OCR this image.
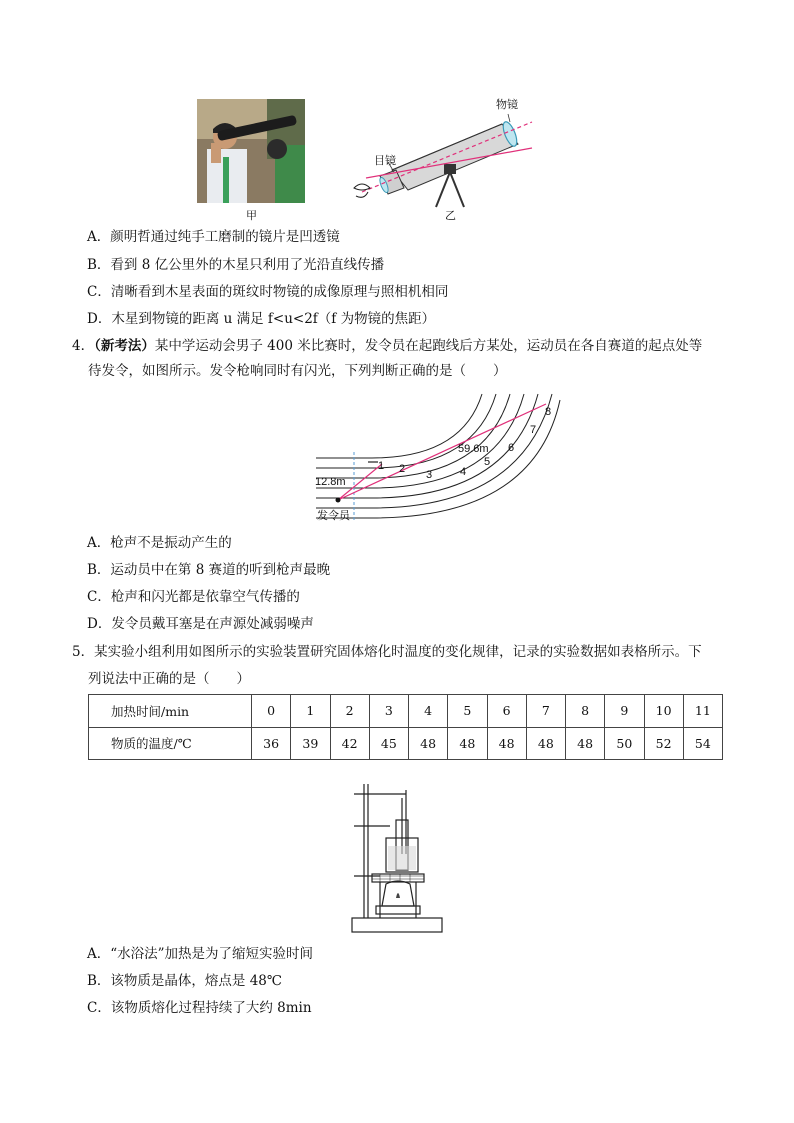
甲
物镜
目镜
乙
A．颜明哲通过纯手工磨制的镜片是凹透镜
B．看到 8 亿公里外的木星只利用了光沿直线传播
C．清晰看到木星表面的斑纹时物镜的成像原理与照相机相同
D．木星到物镜的距离 u 满足 f<u<2f（f 为物镜的焦距）
4．（新考法）某中学运动会男子 400 米比赛时，发令员在起跑线后方某处，运动员在各自赛道的起点处等
待发令，如图所示。发令枪响同时有闪光，下列判断正确的是（　　）
12.8m
59.6m
发令员
1 2 3	4
5
6
7
8
A．枪声不是振动产生的
B．运动员中在第 8 赛道的听到枪声最晚
C．枪声和闪光都是依靠空气传播的
D．发令员戴耳塞是在声源处减弱噪声
5．某实验小组利用如图所示的实验装置研究固体熔化时温度的变化规律，记录的实验数据如表格所示。下
列说法中正确的是（　　）
加热时间/min	0	1	2	3	4	5	6	7	8	9	10	11
物质的温度/℃	36	39	42	45	48	48	48	48	48	50	52	54
A．“水浴法”加热是为了缩短实验时间
B．该物质是晶体，熔点是 48℃
C．该物质熔化过程持续了大约 8min
